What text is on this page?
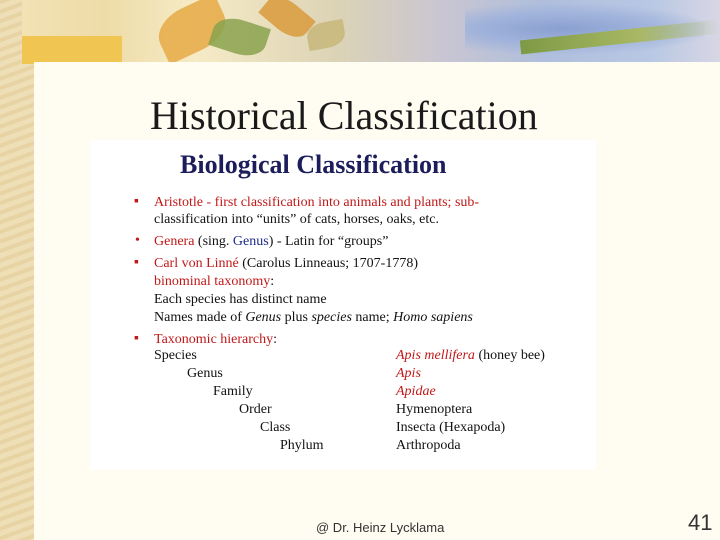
Historical Classification
Biological Classification
▪ Aristotle - first classification into animals and plants; sub-
classification into “units” of cats, horses, oaks, etc.
• Genera (sing. Genus) - Latin for “groups”
▪ Carl von Linné (Carolus Linneaus; 1707-1778)
binominal taxonomy:
Each species has distinct name
Names made of Genus plus species name; Homo sapiens
▪ Taxonomic hierarchy:
Species
Genus
Family
Order
Class
Phylum
Apis mellifera (honey bee)
Apis
Apidae
Hymenoptera
Insecta (Hexapoda)
Arthropoda
@ Dr. Heinz Lycklama	41
